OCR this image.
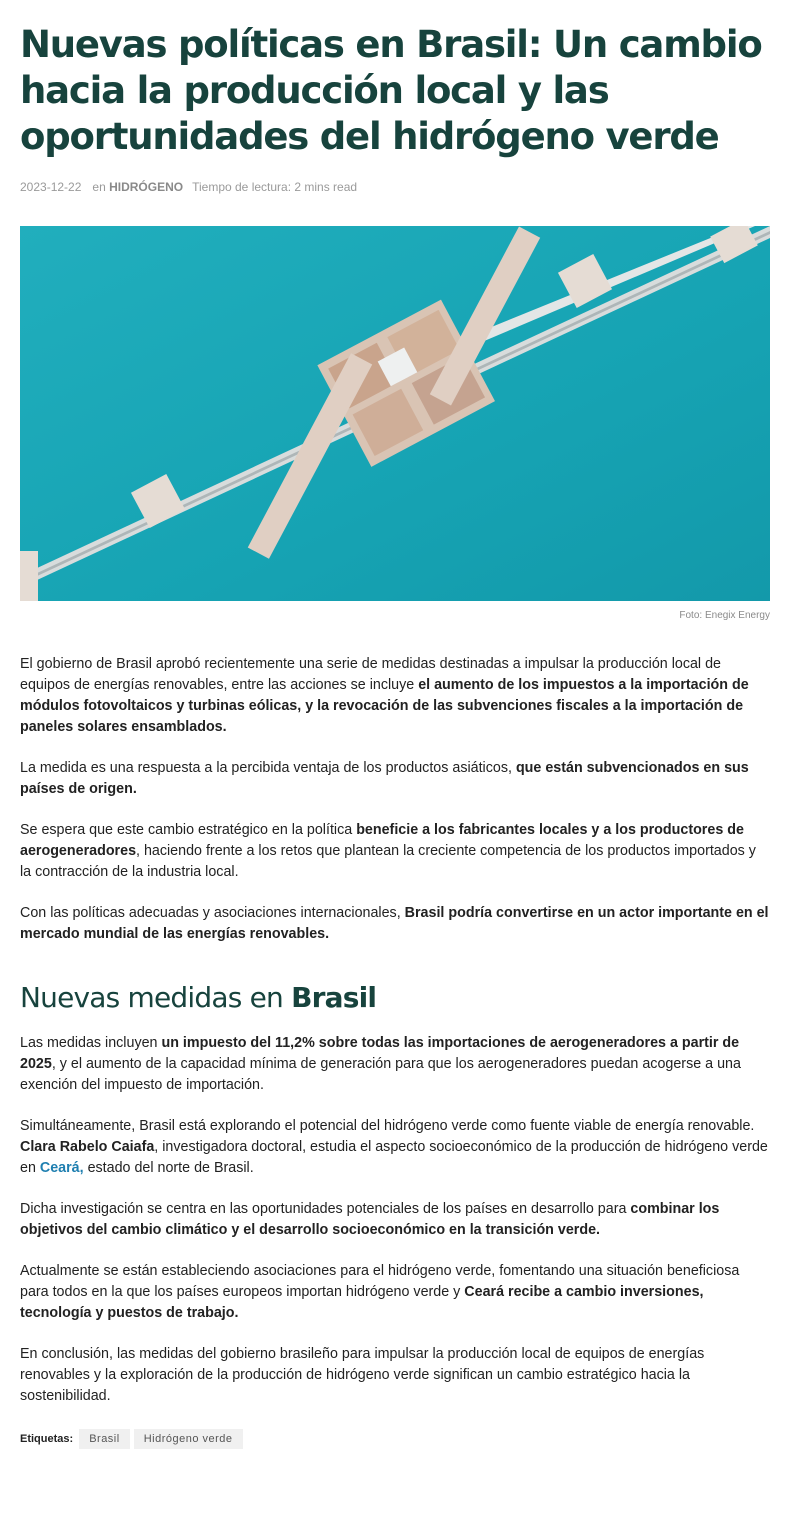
Nuevas políticas en Brasil: Un cambio hacia la producción local y las oportunidades del hidrógeno verde
2023-12-22 en HIDRÓGENO Tiempo de lectura: 2 mins read
Foto: Enegix Energy

El gobierno de Brasil aprobó recientemente una serie de medidas destinadas a impulsar la producción local de equipos de energías renovables, entre las acciones se incluye el aumento de los impuestos a la importación de módulos fotovoltaicos y turbinas eólicas, y la revocación de las subvenciones fiscales a la importación de paneles solares ensamblados.

La medida es una respuesta a la percibida ventaja de los productos asiáticos, que están subvencionados en sus países de origen.

Se espera que este cambio estratégico en la política beneficie a los fabricantes locales y a los productores de aerogeneradores, haciendo frente a los retos que plantean la creciente competencia de los productos importados y la contracción de la industria local.

Con las políticas adecuadas y asociaciones internacionales, Brasil podría convertirse en un actor importante en el mercado mundial de las energías renovables.

Nuevas medidas en Brasil

Las medidas incluyen un impuesto del 11,2% sobre todas las importaciones de aerogeneradores a partir de 2025, y el aumento de la capacidad mínima de generación para que los aerogeneradores puedan acogerse a una exención del impuesto de importación.

Simultáneamente, Brasil está explorando el potencial del hidrógeno verde como fuente viable de energía renovable. Clara Rabelo Caiafa, investigadora doctoral, estudia el aspecto socioeconómico de la producción de hidrógeno verde en Ceará, estado del norte de Brasil.

Dicha investigación se centra en las oportunidades potenciales de los países en desarrollo para combinar los objetivos del cambio climático y el desarrollo socioeconómico en la transición verde.

Actualmente se están estableciendo asociaciones para el hidrógeno verde, fomentando una situación beneficiosa para todos en la que los países europeos importan hidrógeno verde y Ceará recibe a cambio inversiones, tecnología y puestos de trabajo.

En conclusión, las medidas del gobierno brasileño para impulsar la producción local de equipos de energías renovables y la exploración de la producción de hidrógeno verde significan un cambio estratégico hacia la sostenibilidad.

Etiquetas:	Brasil	Hidrógeno verde
